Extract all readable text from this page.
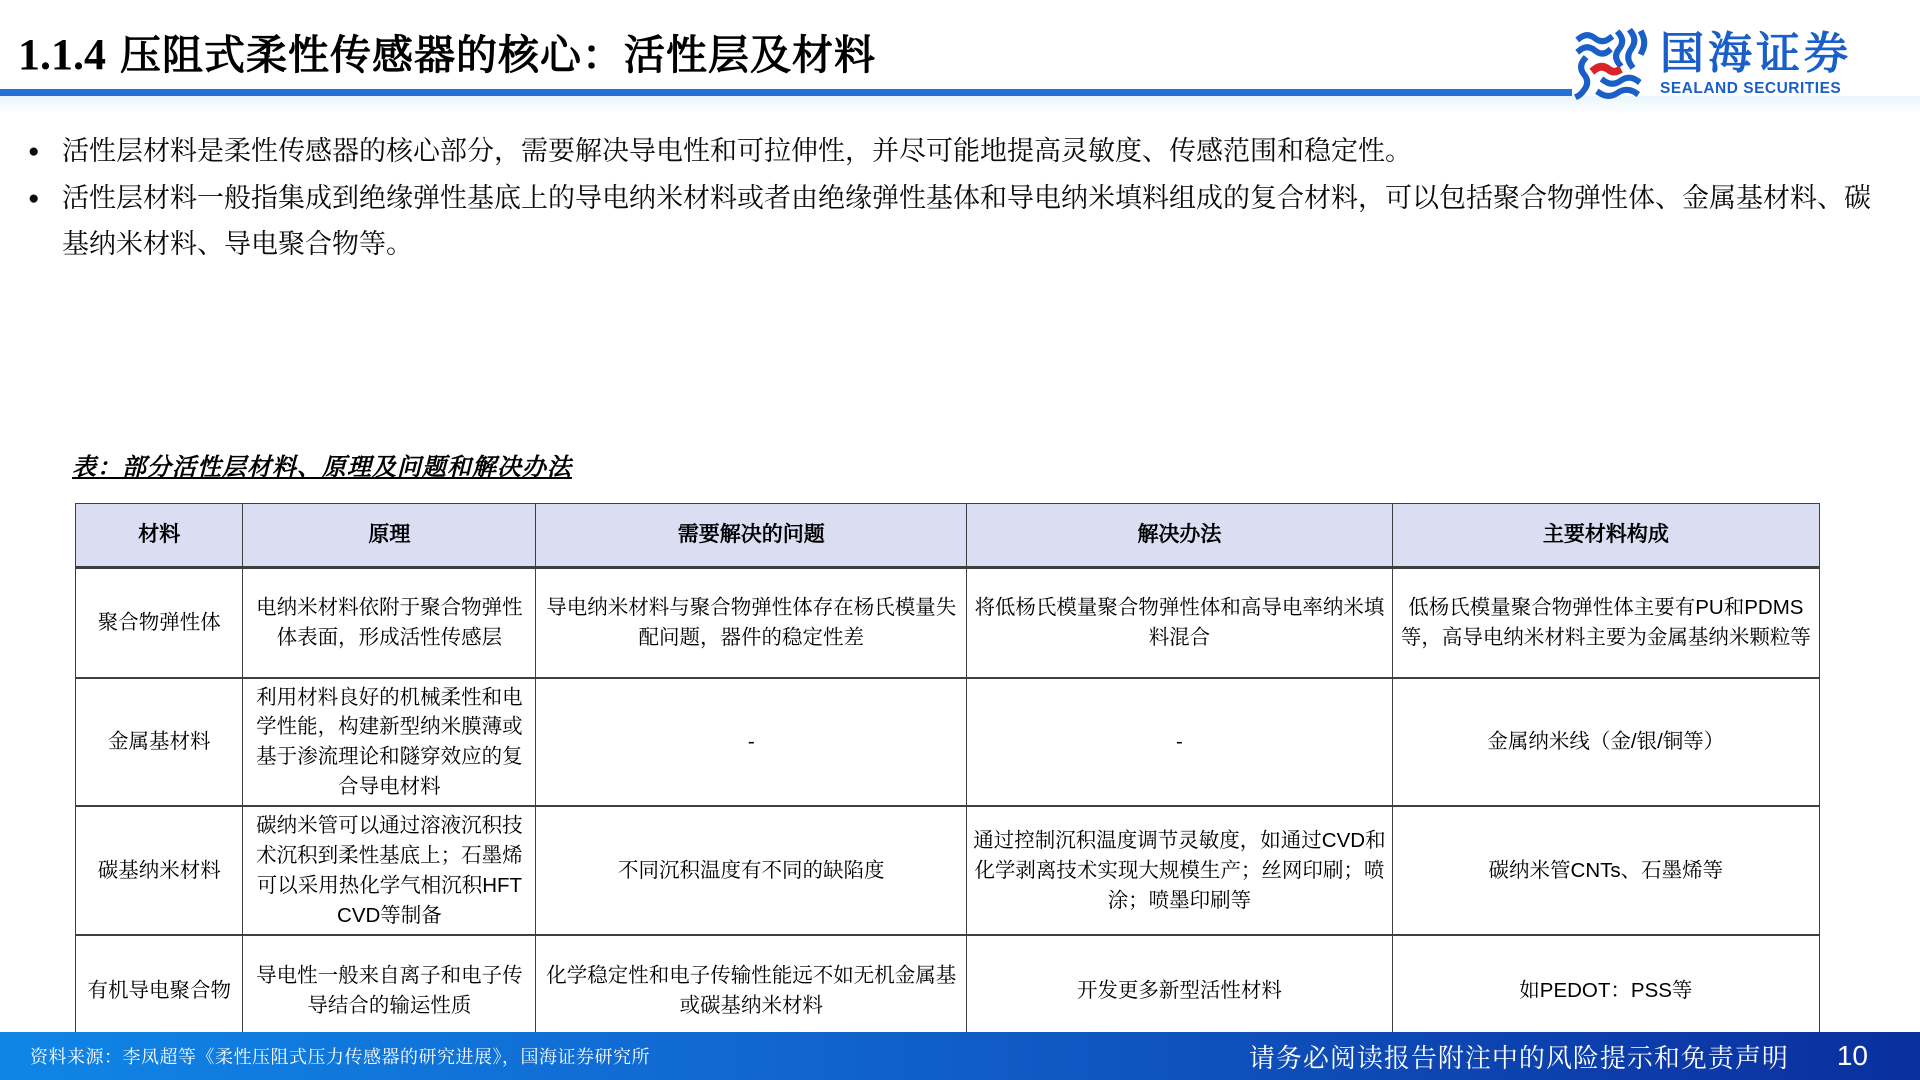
1.1.4 压阻式柔性传感器的核心：活性层及材料	国海证券
SEALAND SECURITIES
● 活性层材料是柔性传感器的核心部分，需要解决导电性和可拉伸性，并尽可能地提高灵敏度、传感范围和稳定性。
● 活性层材料一般指集成到绝缘弹性基底上的导电纳米材料或者由绝缘弹性基体和导电纳米填料组成的复合材料，可以包括聚合物弹性体、金属基材料、碳基纳米材料、导电聚合物等。
表：部分活性层材料、原理及问题和解决办法
材料	原理	需要解决的问题	解决办法	主要材料构成
聚合物弹性体	电纳米材料依附于聚合物弹性体表面，形成活性传感层	导电纳米材料与聚合物弹性体存在杨氏模量失配问题，器件的稳定性差	将低杨氏模量聚合物弹性体和高导电率纳米填料混合	低杨氏模量聚合物弹性体主要有PU和PDMS等，高导电纳米材料主要为金属基纳米颗粒等
金属基材料	利用材料良好的机械柔性和电学性能，构建新型纳米膜薄或基于渗流理论和隧穿效应的复合导电材料	-	-	金属纳米线（金/银/铜等）
碳基纳米材料	碳纳米管可以通过溶液沉积技术沉积到柔性基底上；石墨烯可以采用热化学气相沉积HFT CVD等制备	不同沉积温度有不同的缺陷度	通过控制沉积温度调节灵敏度，如通过CVD和化学剥离技术实现大规模生产；丝网印刷；喷涂；喷墨印刷等	碳纳米管CNTs、石墨烯等
有机导电聚合物	导电性一般来自离子和电子传导结合的输运性质	化学稳定性和电子传输性能远不如无机金属基或碳基纳米材料	开发更多新型活性材料	如PEDOT：PSS等
资料来源：李凤超等《柔性压阻式压力传感器的研究进展》，国海证券研究所	请务必阅读报告附注中的风险提示和免责声明 10
